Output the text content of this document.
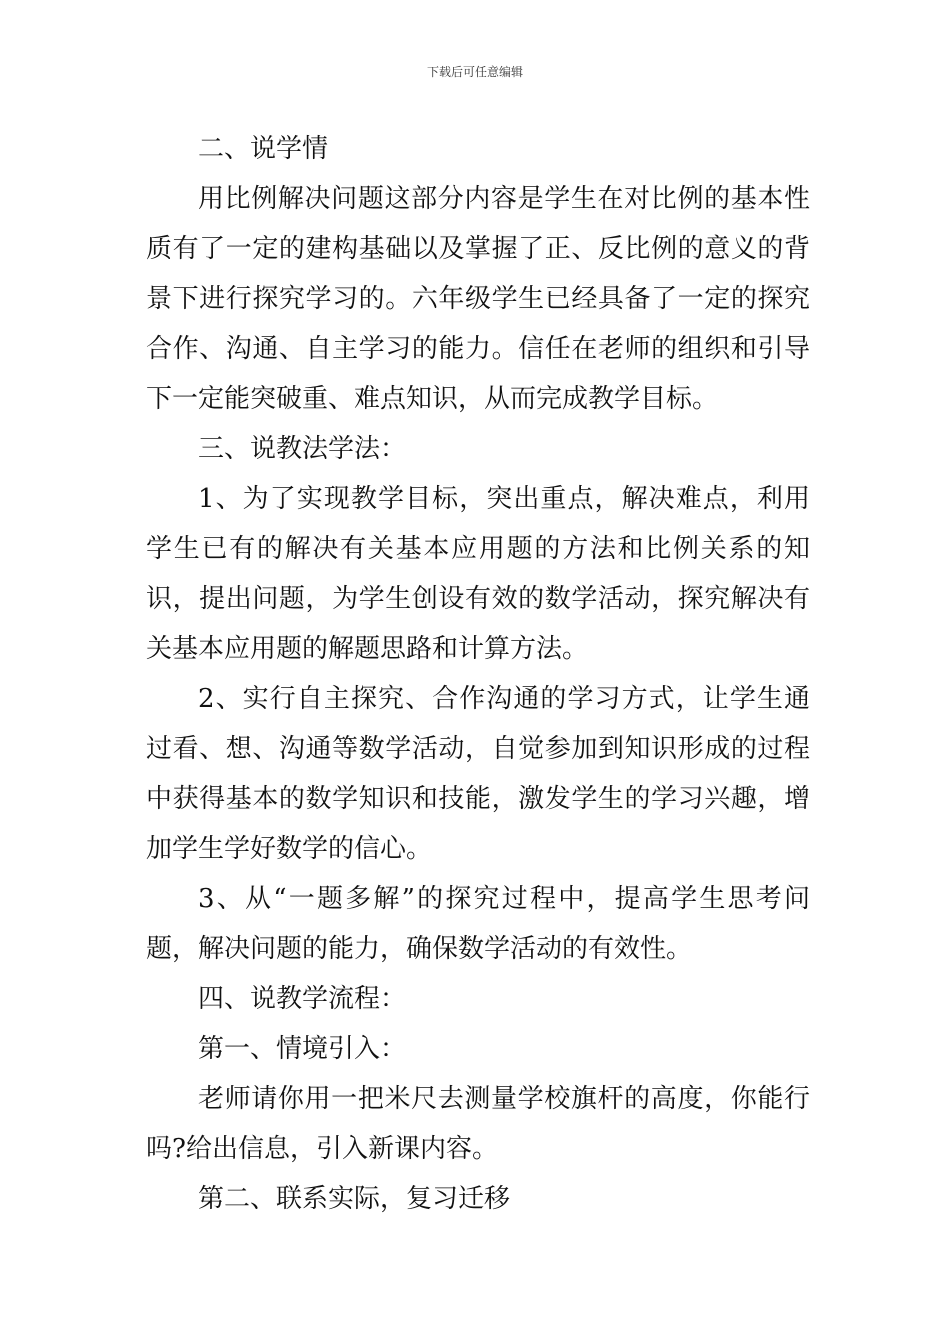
下载后可任意编辑

二、说学情

用比例解决问题这部分内容是学生在对比例的基本性质有了一定的建构基础以及掌握了正、反比例的意义的背景下进行探究学习的。六年级学生已经具备了一定的探究合作、沟通、自主学习的能力。信任在老师的组织和引导下一定能突破重、难点知识，从而完成教学目标。

三、说教法学法：

1、为了实现教学目标，突出重点，解决难点，利用学生已有的解决有关基本应用题的方法和比例关系的知识，提出问题，为学生创设有效的数学活动，探究解决有关基本应用题的解题思路和计算方法。

2、实行自主探究、合作沟通的学习方式，让学生通过看、想、沟通等数学活动，自觉参加到知识形成的过程中获得基本的数学知识和技能，激发学生的学习兴趣，增加学生学好数学的信心。

3、从“一题多解”的探究过程中，提高学生思考问题，解决问题的能力，确保数学活动的有效性。

四、说教学流程：

第一、情境引入：

老师请你用一把米尺去测量学校旗杆的高度，你能行吗?给出信息，引入新课内容。

第二、联系实际，复习迁移
